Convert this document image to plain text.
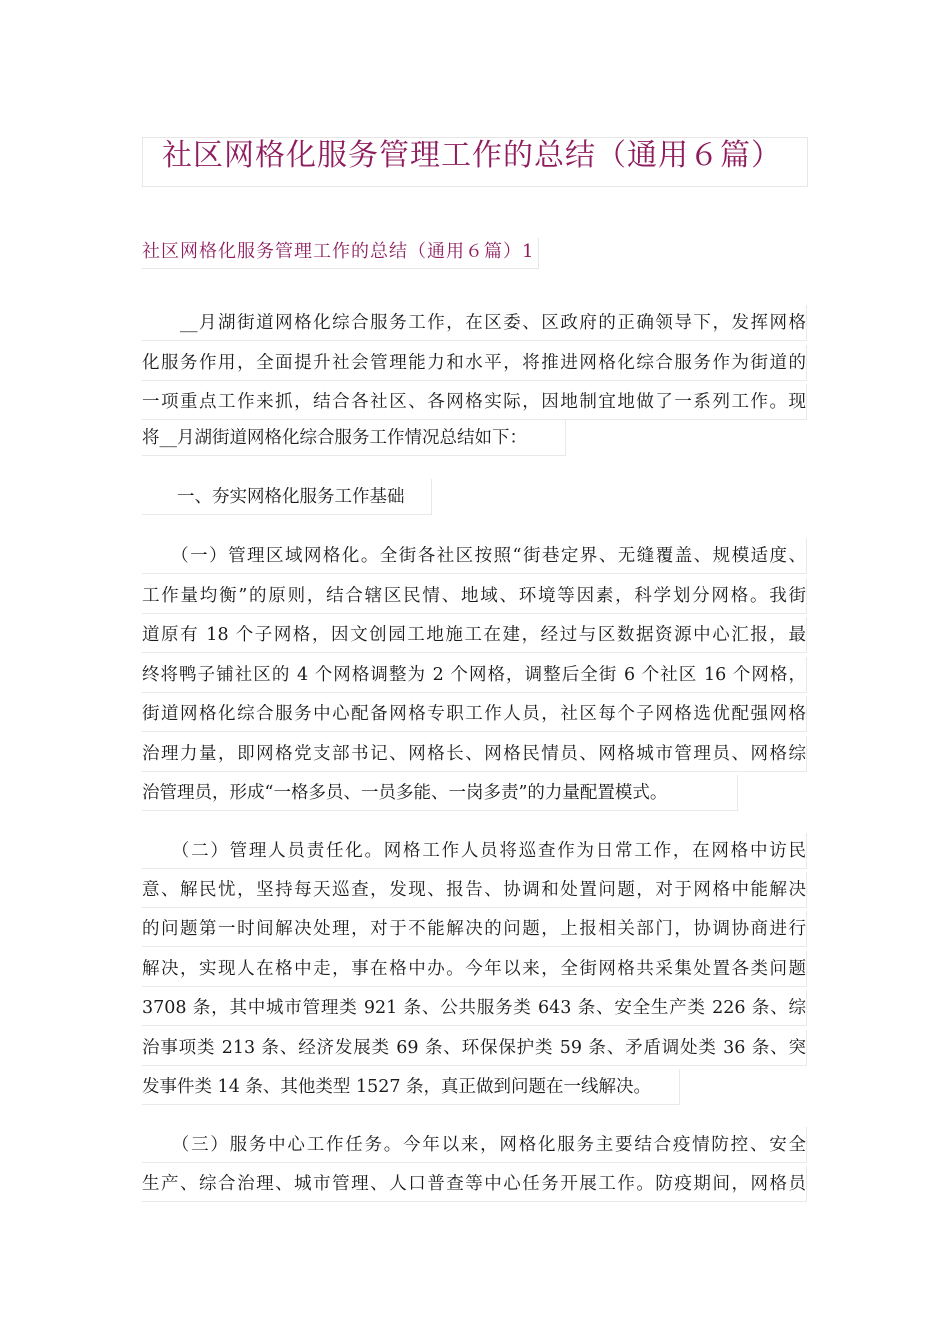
社区网格化服务管理工作的总结（通用６篇）
社区网格化服务管理工作的总结（通用６篇）1
　　__月湖街道网格化综合服务工作，在区委、区政府的正确领导下，发挥网格
化服务作用，全面提升社会管理能力和水平，将推进网格化综合服务作为街道的
一项重点工作来抓，结合各社区、各网格实际，因地制宜地做了一系列工作。现
将__月湖街道网格化综合服务工作情况总结如下：
　　一、夯实网格化服务工作基础
　　（一）管理区域网格化。全街各社区按照“街巷定界、无缝覆盖、规模适度、
工作量均衡”的原则，结合辖区民情、地域、环境等因素，科学划分网格。我街
道原有 18 个子网格，因文创园工地施工在建，经过与区数据资源中心汇报，最
终将鸭子铺社区的 4 个网格调整为 2 个网格，调整后全街 6 个社区 16 个网格，
街道网格化综合服务中心配备网格专职工作人员，社区每个子网格选优配强网格
治理力量，即网格党支部书记、网格长、网格民情员、网格城市管理员、网格综
治管理员，形成“一格多员、一员多能、一岗多责”的力量配置模式。
　　（二）管理人员责任化。网格工作人员将巡查作为日常工作，在网格中访民
意、解民忧，坚持每天巡查，发现、报告、协调和处置问题，对于网格中能解决
的问题第一时间解决处理，对于不能解决的问题，上报相关部门，协调协商进行
解决，实现人在格中走，事在格中办。今年以来，全街网格共采集处置各类问题
3708 条，其中城市管理类 921 条、公共服务类 643 条、安全生产类 226 条、综
治事项类 213 条、经济发展类 69 条、环保保护类 59 条、矛盾调处类 36 条、突
发事件类 14 条、其他类型 1527 条，真正做到问题在一线解决。
　　（三）服务中心工作任务。今年以来，网格化服务主要结合疫情防控、安全
生产、综合治理、城市管理、人口普查等中心任务开展工作。防疫期间，网格员
